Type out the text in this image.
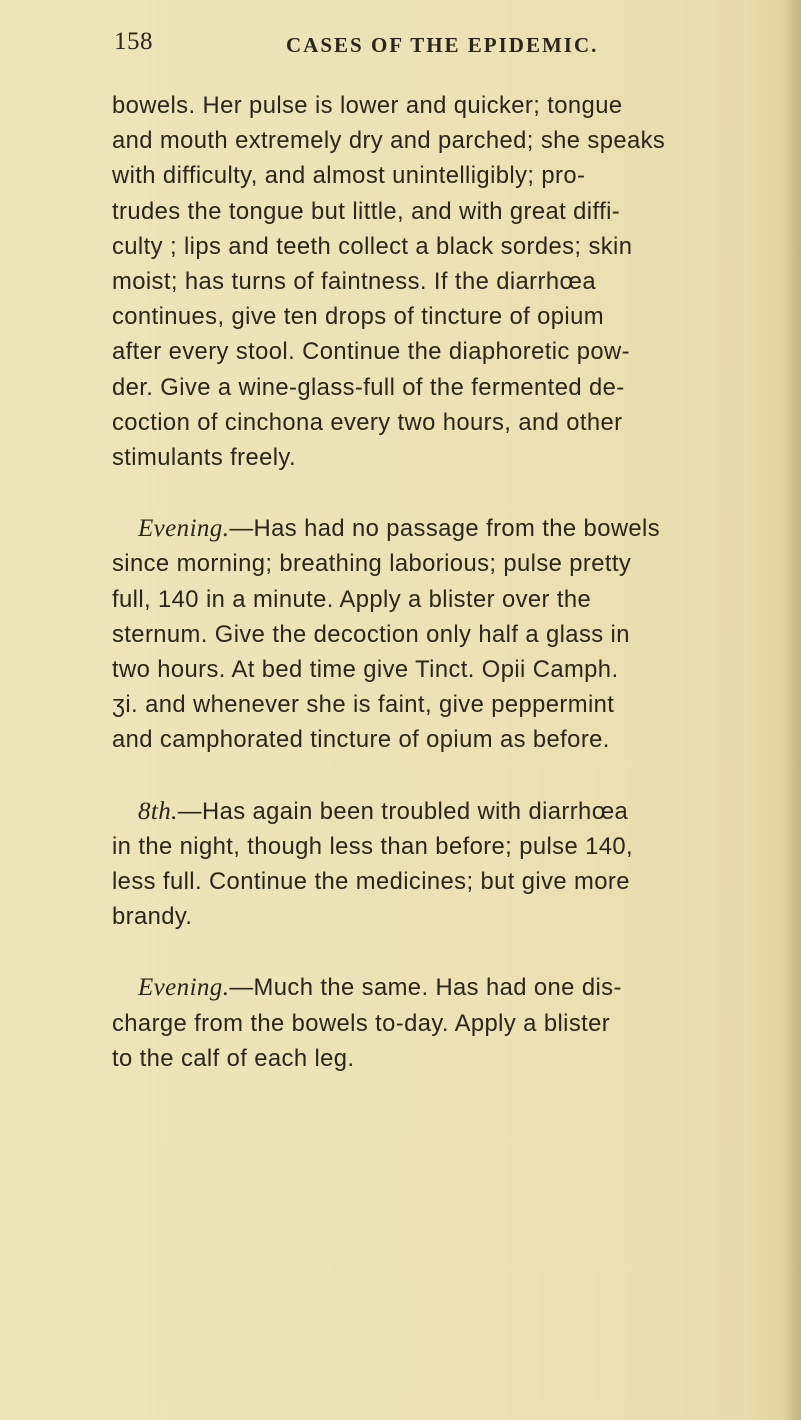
158	CASES OF THE EPIDEMIC.

bowels. Her pulse is lower and quicker; tongue
and mouth extremely dry and parched; she speaks
with difficulty, and almost unintelligibly; pro-
trudes the tongue but little, and with great diffi-
culty ; lips and teeth collect a black sordes; skin
moist; has turns of faintness. If the diarrhœa
continues, give ten drops of tincture of opium
after every stool. Continue the diaphoretic pow-
der. Give a wine-glass-full of the fermented de-
coction of cinchona every two hours, and other
stimulants freely.

Evening.—Has had no passage from the bowels
since morning; breathing laborious; pulse pretty
full, 140 in a minute. Apply a blister over the
sternum. Give the decoction only half a glass in
two hours. At bed time give Tinct. Opii Camph.
ʒi. and whenever she is faint, give peppermint
and camphorated tincture of opium as before.

8th.—Has again been troubled with diarrhœa
in the night, though less than before; pulse 140,
less full. Continue the medicines; but give more
brandy.

Evening.—Much the same. Has had one dis-
charge from the bowels to-day. Apply a blister
to the calf of each leg.
